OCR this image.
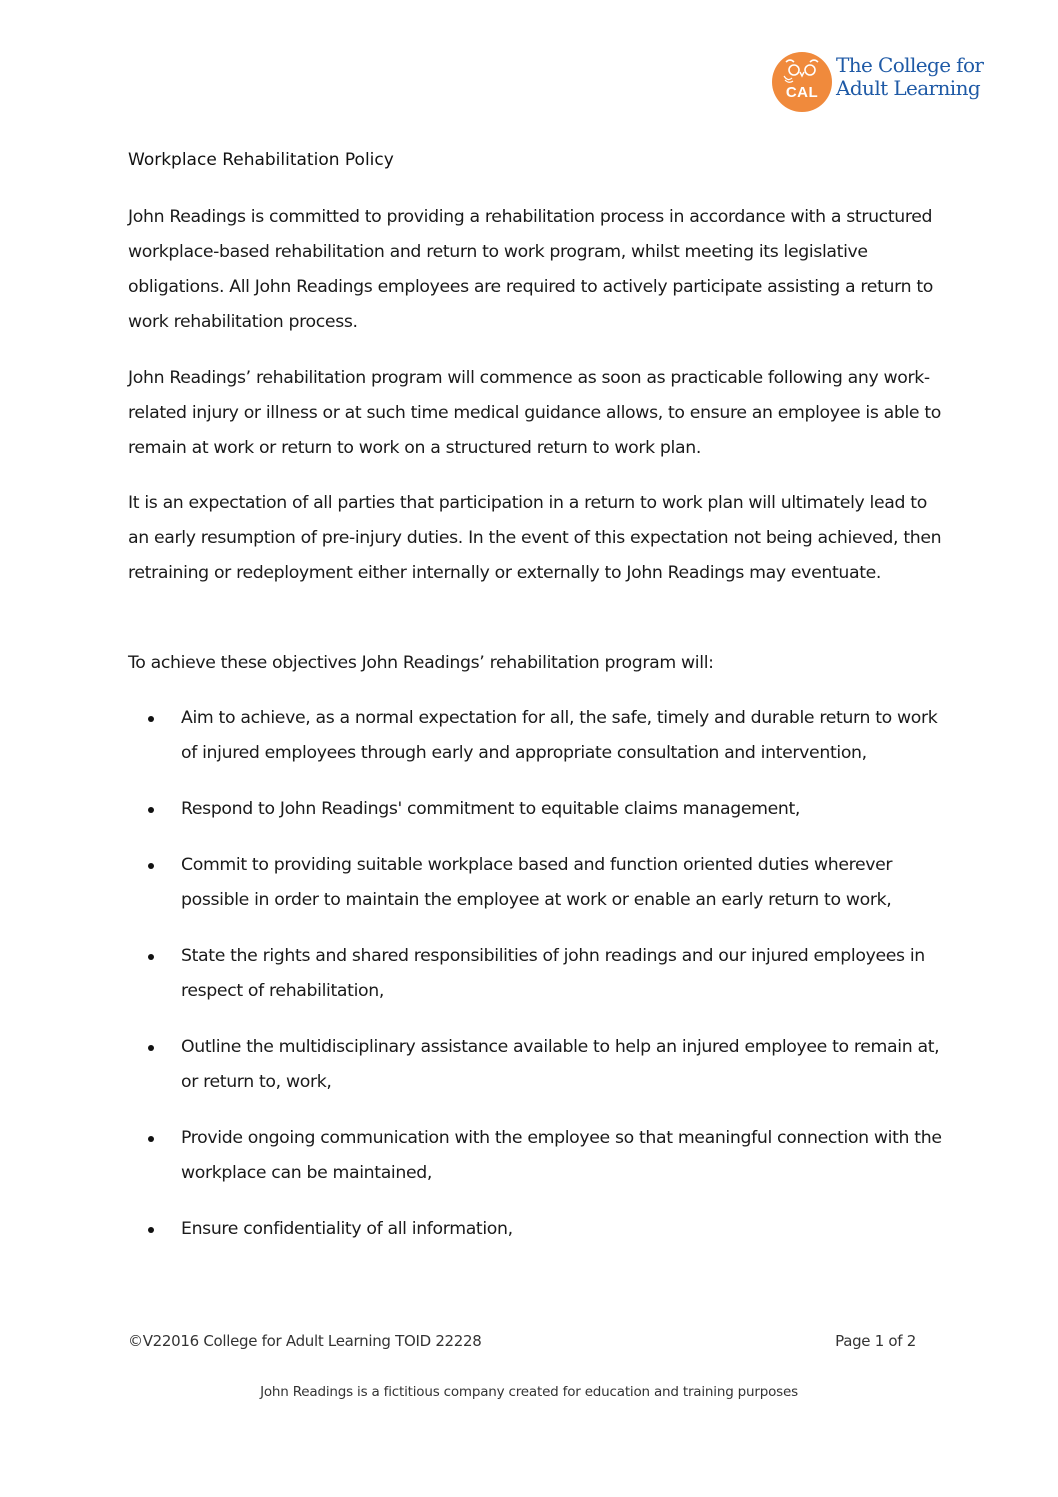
CAL
The College for
Adult Learning
Workplace Rehabilitation Policy
John Readings is committed to providing a rehabilitation process in accordance with a structured workplace-based rehabilitation and return to work program, whilst meeting its legislative obligations. All John Readings employees are required to actively participate assisting a return to work rehabilitation process.
John Readings’ rehabilitation program will commence as soon as practicable following any work-related injury or illness or at such time medical guidance allows, to ensure an employee is able to remain at work or return to work on a structured return to work plan.
It is an expectation of all parties that participation in a return to work plan will ultimately lead to an early resumption of pre-injury duties. In the event of this expectation not being achieved, then retraining or redeployment either internally or externally to John Readings may eventuate.
To achieve these objectives John Readings’ rehabilitation program will:
Aim to achieve, as a normal expectation for all, the safe, timely and durable return to work of injured employees through early and appropriate consultation and intervention,
Respond to John Readings' commitment to equitable claims management,
Commit to providing suitable workplace based and function oriented duties wherever possible in order to maintain the employee at work or enable an early return to work,
State the rights and shared responsibilities of john readings and our injured employees in respect of rehabilitation,
Outline the multidisciplinary assistance available to help an injured employee to remain at, or return to, work,
Provide ongoing communication with the employee so that meaningful connection with the workplace can be maintained,
Ensure confidentiality of all information,
©V22016 College for Adult Learning TOID 22228	Page 1 of 2
John Readings is a fictitious company created for education and training purposes
